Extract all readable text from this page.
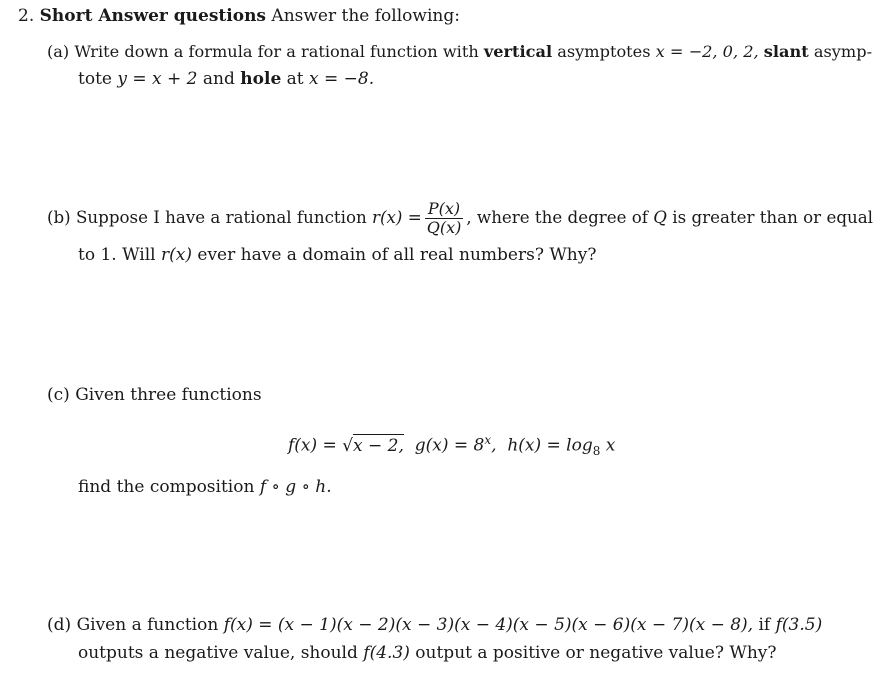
2. Short Answer questions Answer the following:
(a) Write down a formula for a rational function with vertical asymptotes x = −2, 0, 2, slant asymp-
tote y = x + 2 and hole at x = −8.
(b) Suppose I have a rational function $r(x) = \frac{P(x)}{Q(x)}$ , where the degree of Q is greater than or equal
to 1. Will r(x) ever have a domain of all real numbers? Why?
(c) Given three functions
f(x) = √x − 2, $g(x) = 8^x$, $h(x) = \log_8 x$
find the composition f ∘ g ∘ h.
(d) Given a function f(x) = (x − 1)(x − 2)(x − 3)(x − 4)(x − 5)(x − 6)(x − 7)(x − 8), if f(3.5)
outputs a negative value, should f(4.3) output a positive or negative value? Why?
